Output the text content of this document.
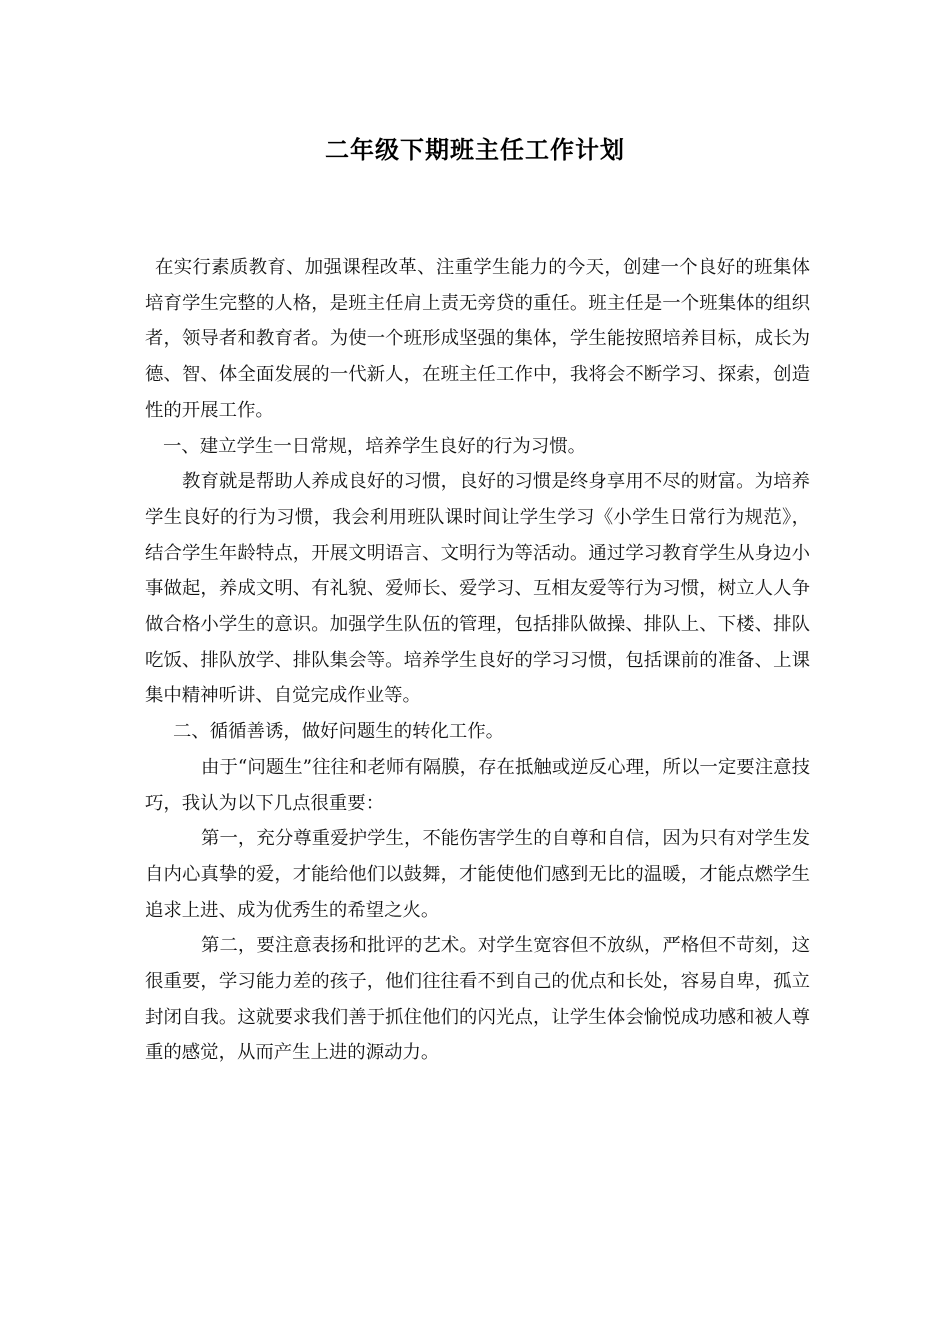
二年级下期班主任工作计划

在实行素质教育、加强课程改革、注重学生能力的今天，创建一个良好的班集体培育学生完整的人格，是班主任肩上责无旁贷的重任。班主任是一个班集体的组织者，领导者和教育者。为使一个班形成坚强的集体，学生能按照培养目标，成长为德、智、体全面发展的一代新人，在班主任工作中，我将会不断学习、探索，创造性的开展工作。

一、建立学生一日常规，培养学生良好的行为习惯。

教育就是帮助人养成良好的习惯，良好的习惯是终身享用不尽的财富。为培养学生良好的行为习惯，我会利用班队课时间让学生学习《小学生日常行为规范》，结合学生年龄特点，开展文明语言、文明行为等活动。通过学习教育学生从身边小事做起，养成文明、有礼貌、爱师长、爱学习、互相友爱等行为习惯，树立人人争做合格小学生的意识。加强学生队伍的管理，包括排队做操、排队上、下楼、排队吃饭、排队放学、排队集会等。培养学生良好的学习习惯，包括课前的准备、上课集中精神听讲、自觉完成作业等。

二、循循善诱，做好问题生的转化工作。

由于“问题生”往往和老师有隔膜，存在抵触或逆反心理，所以一定要注意技巧，我认为以下几点很重要：

第一，充分尊重爱护学生，不能伤害学生的自尊和自信，因为只有对学生发自内心真挚的爱，才能给他们以鼓舞，才能使他们感到无比的温暖，才能点燃学生追求上进、成为优秀生的希望之火。

第二，要注意表扬和批评的艺术。对学生宽容但不放纵，严格但不苛刻，这很重要，学习能力差的孩子，他们往往看不到自己的优点和长处，容易自卑，孤立封闭自我。这就要求我们善于抓住他们的闪光点，让学生体会愉悦成功感和被人尊重的感觉，从而产生上进的源动力。
